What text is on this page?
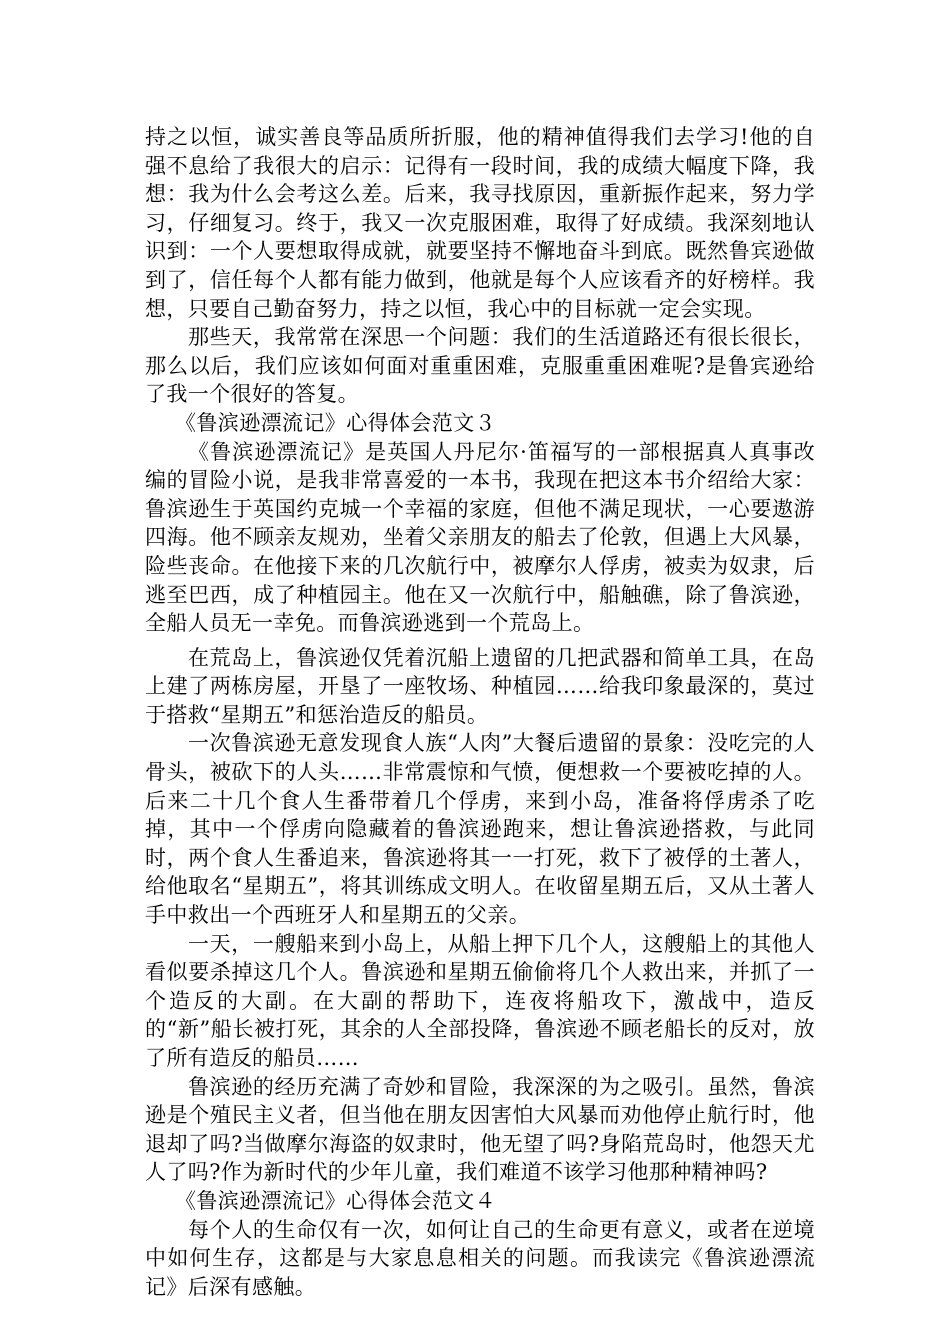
持之以恒，诚实善良等品质所折服，他的精神值得我们去学习!他的自强不息给了我很大的启示：记得有一段时间，我的成绩大幅度下降，我想：我为什么会考这么差。后来，我寻找原因，重新振作起来，努力学习，仔细复习。终于，我又一次克服困难，取得了好成绩。我深刻地认识到：一个人要想取得成就，就要坚持不懈地奋斗到底。既然鲁宾逊做到了，信任每个人都有能力做到，他就是每个人应该看齐的好榜样。我想，只要自己勤奋努力，持之以恒，我心中的目标就一定会实现。

那些天，我常常在深思一个问题：我们的生活道路还有很长很长，那么以后，我们应该如何面对重重困难，克服重重困难呢?是鲁宾逊给了我一个很好的答复。

《鲁滨逊漂流记》心得体会范文３

《鲁滨逊漂流记》是英国人丹尼尔·笛福写的一部根据真人真事改编的冒险小说，是我非常喜爱的一本书，我现在把这本书介绍给大家：鲁滨逊生于英国约克城一个幸福的家庭，但他不满足现状，一心要遨游四海。他不顾亲友规劝，坐着父亲朋友的船去了伦敦，但遇上大风暴，险些丧命。在他接下来的几次航行中，被摩尔人俘虏，被卖为奴隶，后逃至巴西，成了种植园主。他在又一次航行中，船触礁，除了鲁滨逊，全船人员无一幸免。而鲁滨逊逃到一个荒岛上。

在荒岛上，鲁滨逊仅凭着沉船上遗留的几把武器和简单工具，在岛上建了两栋房屋，开垦了一座牧场、种植园……给我印象最深的，莫过于搭救“星期五”和惩治造反的船员。

一次鲁滨逊无意发现食人族“人肉”大餐后遗留的景象：没吃完的人骨头，被砍下的人头……非常震惊和气愤，便想救一个要被吃掉的人。后来二十几个食人生番带着几个俘虏，来到小岛，准备将俘虏杀了吃掉，其中一个俘虏向隐藏着的鲁滨逊跑来，想让鲁滨逊搭救，与此同时，两个食人生番追来，鲁滨逊将其一一打死，救下了被俘的土著人，给他取名“星期五”，将其训练成文明人。在收留星期五后，又从土著人手中救出一个西班牙人和星期五的父亲。

一天，一艘船来到小岛上，从船上押下几个人，这艘船上的其他人看似要杀掉这几个人。鲁滨逊和星期五偷偷将几个人救出来，并抓了一个造反的大副。在大副的帮助下，连夜将船攻下，激战中，造反的“新”船长被打死，其余的人全部投降，鲁滨逊不顾老船长的反对，放了所有造反的船员……

鲁滨逊的经历充满了奇妙和冒险，我深深的为之吸引。虽然，鲁滨逊是个殖民主义者，但当他在朋友因害怕大风暴而劝他停止航行时，他退却了吗?当做摩尔海盗的奴隶时，他无望了吗?身陷荒岛时，他怨天尤人了吗?作为新时代的少年儿童，我们难道不该学习他那种精神吗?

《鲁滨逊漂流记》心得体会范文４

每个人的生命仅有一次，如何让自己的生命更有意义，或者在逆境中如何生存，这都是与大家息息相关的问题。而我读完《鲁滨逊漂流记》后深有感触。
